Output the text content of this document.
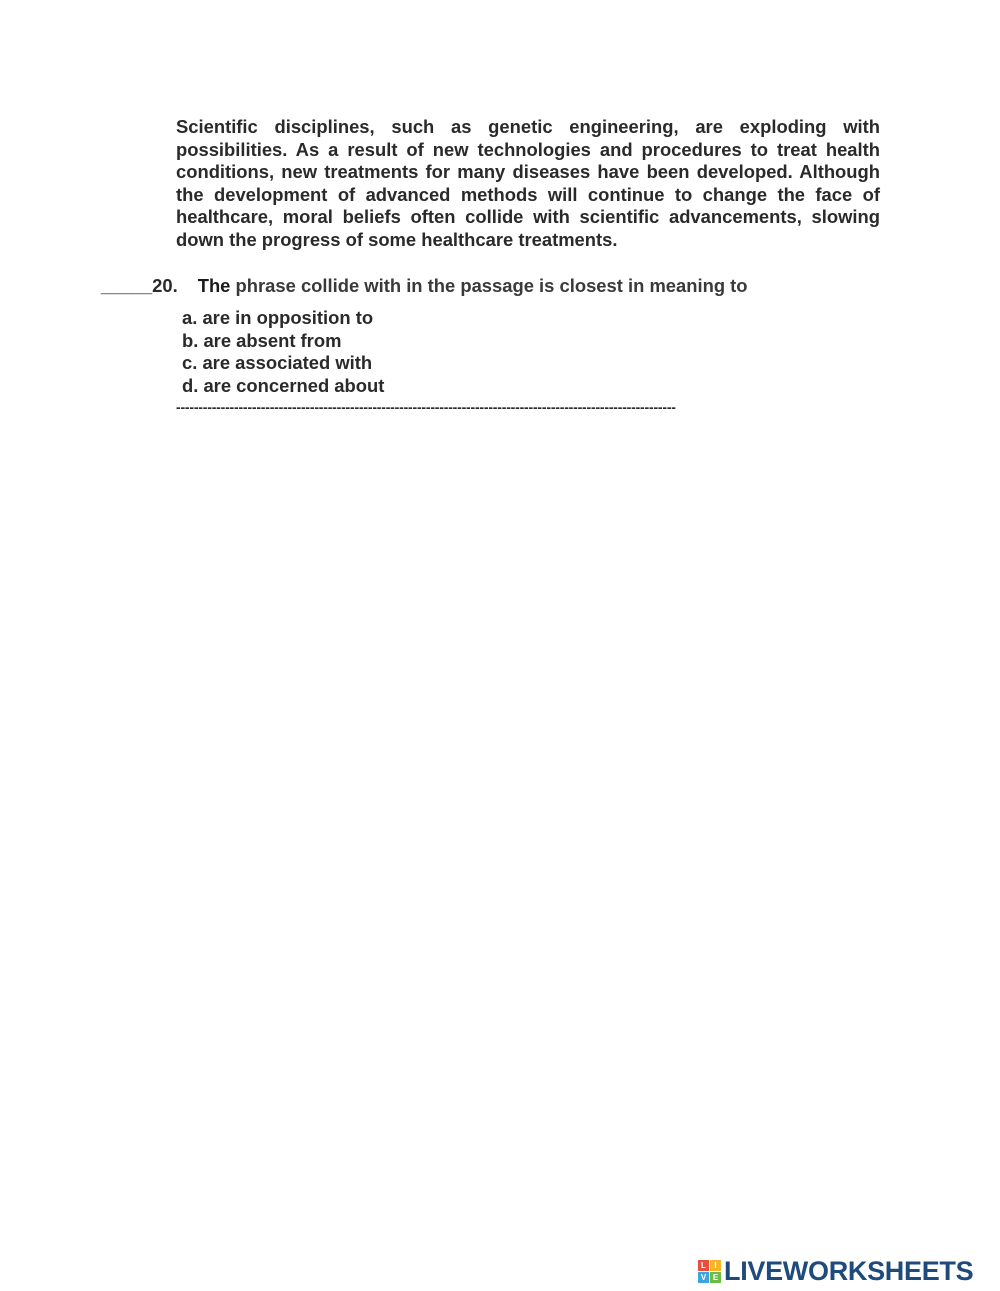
Scientific disciplines, such as genetic engineering, are exploding with possibilities. As a result of new technologies and procedures to treat health conditions, new treatments for many diseases have been developed. Although the development of advanced methods will continue to change the face of healthcare, moral beliefs often collide with scientific advancements, slowing down the progress of some healthcare treatments.

_____20. The phrase collide with in the passage is closest in meaning to
a. are in opposition to
b. are absent from
c. are associated with
d. are concerned about
----------------------------------------------------------------------------------------------------------------
L	I
V E LIVEWORKSHEETS
